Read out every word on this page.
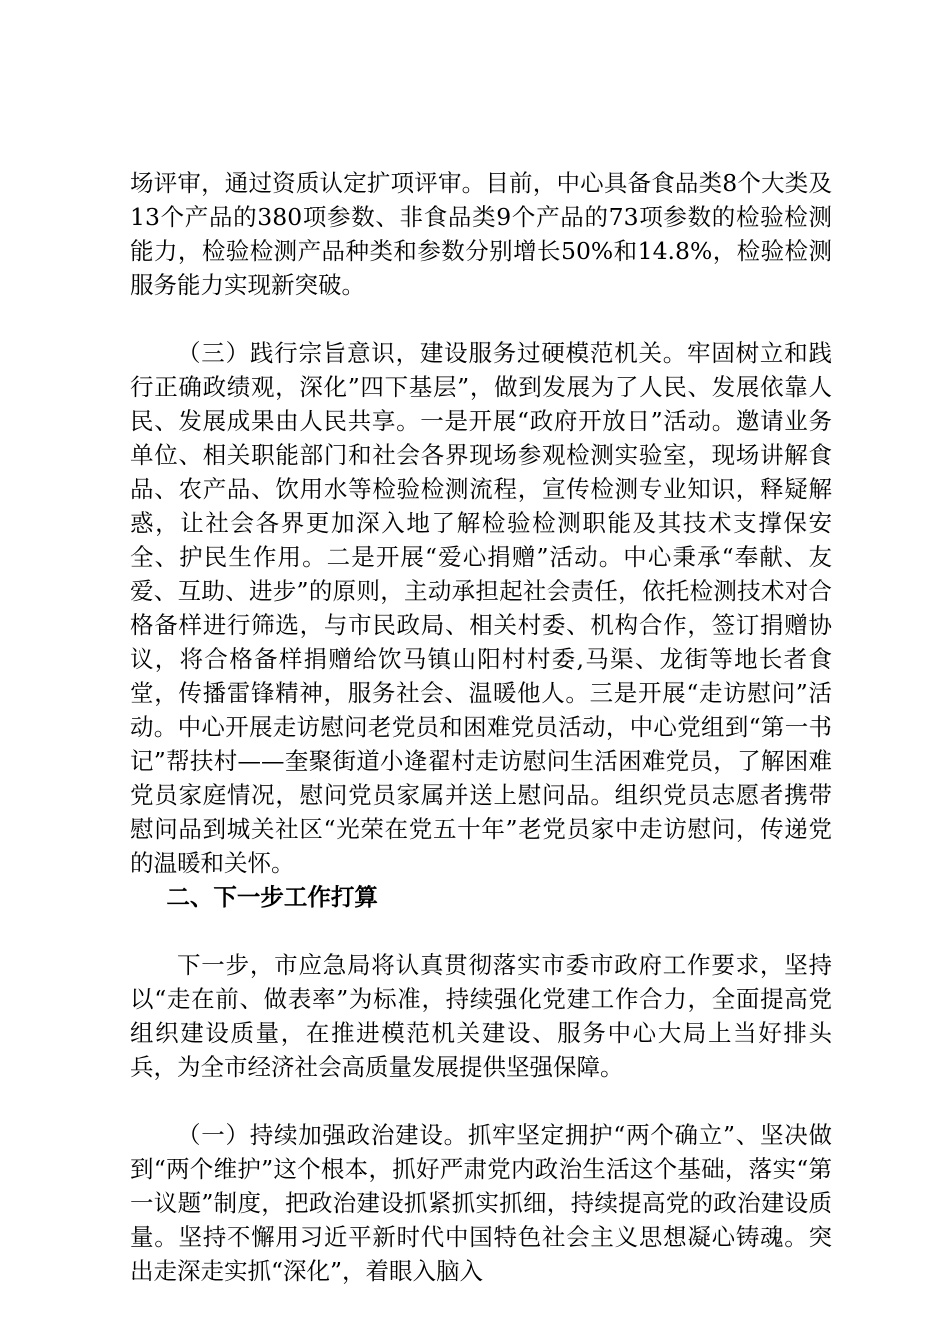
场评审，通过资质认定扩项评审。目前，中心具备食品类8个大类及13个产品的380项参数、非食品类9个产品的73项参数的检验检测能力，检验检测产品种类和参数分别增长50%和14.8%，检验检测服务能力实现新突破。

（三）践行宗旨意识，建设服务过硬模范机关。牢固树立和践行正确政绩观，深化”四下基层”，做到发展为了人民、发展依靠人民、发展成果由人民共享。一是开展“政府开放日”活动。邀请业务单位、相关职能部门和社会各界现场参观检测实验室，现场讲解食品、农产品、饮用水等检验检测流程，宣传检测专业知识，释疑解惑，让社会各界更加深入地了解检验检测职能及其技术支撑保安全、护民生作用。二是开展“爱心捐赠”活动。中心秉承“奉献、友爱、互助、进步”的原则，主动承担起社会责任，依托检测技术对合格备样进行筛选，与市民政局、相关村委、机构合作，签订捐赠协议，将合格备样捐赠给饮马镇山阳村村委,马渠、龙街等地长者食堂，传播雷锋精神，服务社会、温暖他人。三是开展“走访慰问”活动。中心开展走访慰问老党员和困难党员活动，中心党组到“第一书记”帮扶村——奎聚街道小逄翟村走访慰问生活困难党员，了解困难党员家庭情况，慰问党员家属并送上慰问品。组织党员志愿者携带慰问品到城关社区“光荣在党五十年”老党员家中走访慰问，传递党的温暖和关怀。

二、下一步工作打算

下一步，市应急局将认真贯彻落实市委市政府工作要求，坚持以“走在前、做表率”为标准，持续强化党建工作合力，全面提高党组织建设质量，在推进模范机关建设、服务中心大局上当好排头兵，为全市经济社会高质量发展提供坚强保障。

（一）持续加强政治建设。抓牢坚定拥护“两个确立”、坚决做到“两个维护”这个根本，抓好严肃党内政治生活这个基础，落实“第一议题”制度，把政治建设抓紧抓实抓细，持续提高党的政治建设质量。坚持不懈用习近平新时代中国特色社会主义思想凝心铸魂。突出走深走实抓“深化”，着眼入脑入
